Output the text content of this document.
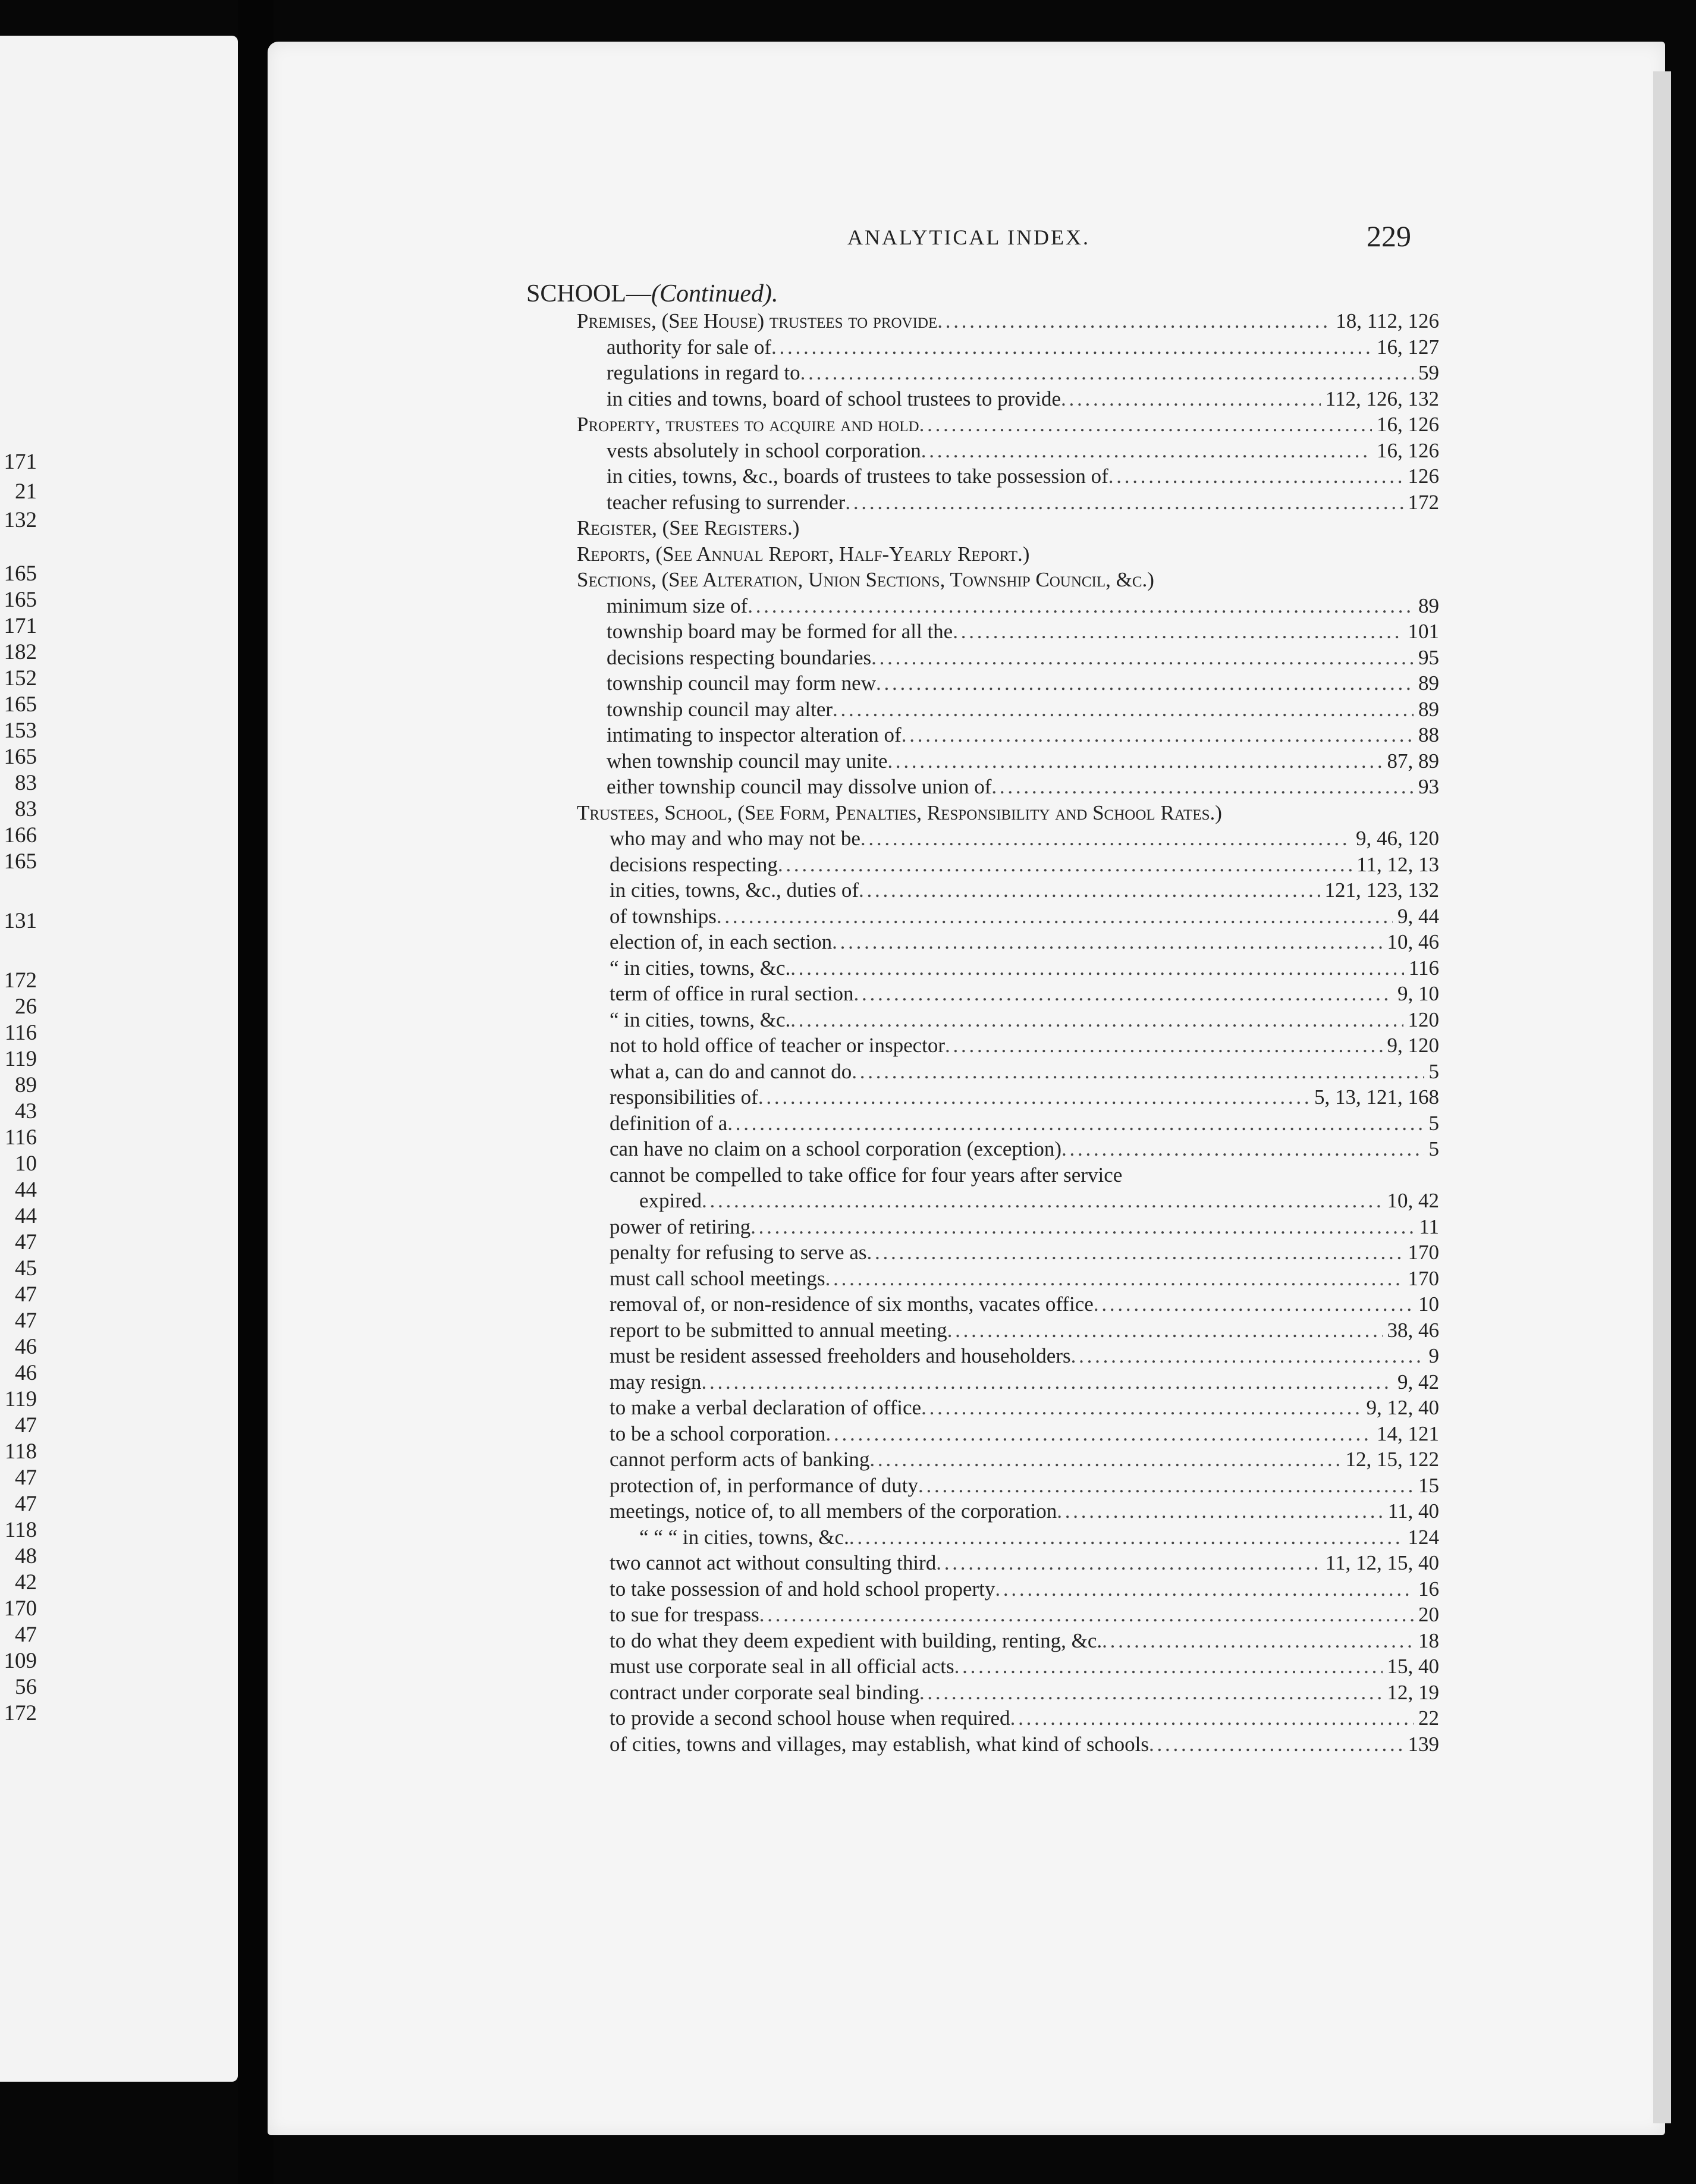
171
21
132
165
165
171
182
152
165
153
165
83
83
166
165
131
172
26
116
119
89
43
116
10
44
44
47
45
47
47
46
46
119
47
118
47
47
118
48
42
170
47
109
56
172
ANALYTICAL INDEX.	229
SCHOOL—(Continued).
Premises, (See House) trustees to provide . . .	18, 112, 126
authority for sale of . . .	16, 127
regulations in regard to . . .	59
in cities and towns, board of school trustees to provide . . .	112, 126, 132
Property, trustees to acquire and hold . . .	16, 126
vests absolutely in school corporation . . .	16, 126
in cities, towns, &c., boards of trustees to take possession of . . .	126
teacher refusing to surrender . . .	172
Register, (See Registers.)
Reports, (See Annual Report, Half-Yearly Report.)
Sections, (See Alteration, Union Sections, Township Council, &c.)
minimum size of . . .	89
township board may be formed for all the . . .	101
decisions respecting boundaries . . .	95
township council may form new . . .	89
township council may alter . . .	89
intimating to inspector alteration of . . .	88
when township council may unite . . .	87, 89
either township council may dissolve union of . . .	93
Trustees, School, (See Form, Penalties, Responsibility and School Rates.)
who may and who may not be . . .	9, 46, 120
decisions respecting . . .	11, 12, 13
in cities, towns, &c., duties of . . .	121, 123, 132
of townships . . .	9, 44
election of, in each section . . .	10, 46
“ in cities, towns, &c. . . .	116
term of office in rural section . . .	9, 10
“ in cities, towns, &c. . . .	120
not to hold office of teacher or inspector . . .	9, 120
what a, can do and cannot do . . .	5
responsibilities of . . .	5, 13, 121, 168
definition of a . . .	5
can have no claim on a school corporation (exception) . . .	5
cannot be compelled to take office for four years after service
expired . . .	10, 42
power of retiring . . .	11
penalty for refusing to serve as . . .	170
must call school meetings . . .	170
removal of, or non-residence of six months, vacates office . . .	10
report to be submitted to annual meeting . . .	38, 46
must be resident assessed freeholders and householders . . .	9
may resign . . .	9, 42
to make a verbal declaration of office . . .	9, 12, 40
to be a school corporation . . .	14, 121
cannot perform acts of banking . . .	12, 15, 122
protection of, in performance of duty . . .	15
meetings, notice of, to all members of the corporation . . .	11, 40
“ “ “ in cities, towns, &c. . . .	124
two cannot act without consulting third . . .	11, 12, 15, 40
to take possession of and hold school property . . .	16
to sue for trespass . . .	20
to do what they deem expedient with building, renting, &c. . . .	18
must use corporate seal in all official acts . . .	15, 40
contract under corporate seal binding . . .	12, 19
to provide a second school house when required . . .	22
of cities, towns and villages, may establish, what kind of schools . . .	139
